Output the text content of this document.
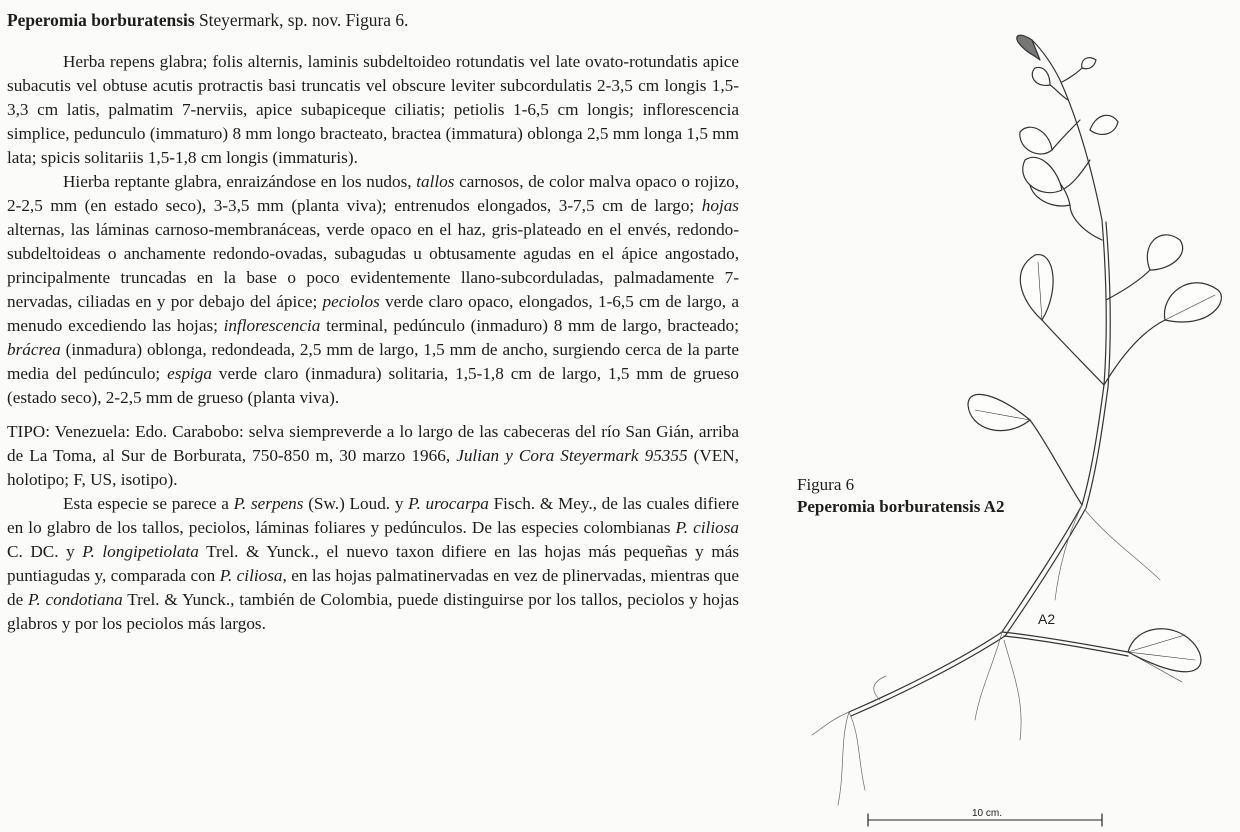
Peperomia borburatensis Steyermark, sp. nov. Figura 6.

Herba repens glabra; folis alternis, laminis subdeltoideo rotundatis vel late ovato-rotundatis apice subacutis vel obtuse acutis protractis basi truncatis vel obscure leviter subcordulatis 2-3,5 cm longis 1,5-3,3 cm latis, palmatim 7-nerviis, apice subapiceque ciliatis; petiolis 1-6,5 cm longis; inflorescencia simplice, pedunculo (immaturo) 8 mm longo bracteato, bractea (immatura) oblonga 2,5 mm longa 1,5 mm lata; spicis solitariis 1,5-1,8 cm longis (immaturis).

Hierba reptante glabra, enraizándose en los nudos, tallos carnosos, de color malva opaco o rojizo, 2-2,5 mm (en estado seco), 3-3,5 mm (planta viva); entrenudos elongados, 3-7,5 cm de largo; hojas alternas, las láminas carnoso-membranáceas, verde opaco en el haz, gris-plateado en el envés, redondo-subdeltoideas o anchamente redondo-ovadas, subagudas u obtusamente agudas en el ápice angostado, principalmente truncadas en la base o poco evidentemente llano-subcorduladas, palmadamente 7-nervadas, ciliadas en y por debajo del ápice; peciolos verde claro opaco, elongados, 1-6,5 cm de largo, a menudo excediendo las hojas; inflorescencia terminal, pedúnculo (inmaduro) 8 mm de largo, bracteado; brácrea (inmadura) oblonga, redondeada, 2,5 mm de largo, 1,5 mm de ancho, surgiendo cerca de la parte media del pedúnculo; espiga verde claro (inmadura) solitaria, 1,5-1,8 cm de largo, 1,5 mm de grueso (estado seco), 2-2,5 mm de grueso (planta viva).

TIPO: Venezuela: Edo. Carabobo: selva siempreverde a lo largo de las cabeceras del río San Gián, arriba de La Toma, al Sur de Borburata, 750-850 m, 30 marzo 1966, Julian y Cora Steyermark 95355 (VEN, holotipo; F, US, isotipo).

Esta especie se parece a P. serpens (Sw.) Loud. y P. urocarpa Fisch. & Mey., de las cuales difiere en lo glabro de los tallos, peciolos, láminas foliares y pedúnculos. De las especies colombianas P. ciliosa C. DC. y P. longipetiolata Trel. & Yunck., el nuevo taxon difiere en las hojas más pequeñas y más puntiagudas y, comparada con P. ciliosa, en las hojas palmatinervadas en vez de plinervadas, mientras que de P. condotiana Trel. & Yunck., también de Colombia, puede distinguirse por los tallos, peciolos y hojas glabros y por los peciolos más largos.

Figura 6
Peperomia borburatensis A2
A2
10 cm.
